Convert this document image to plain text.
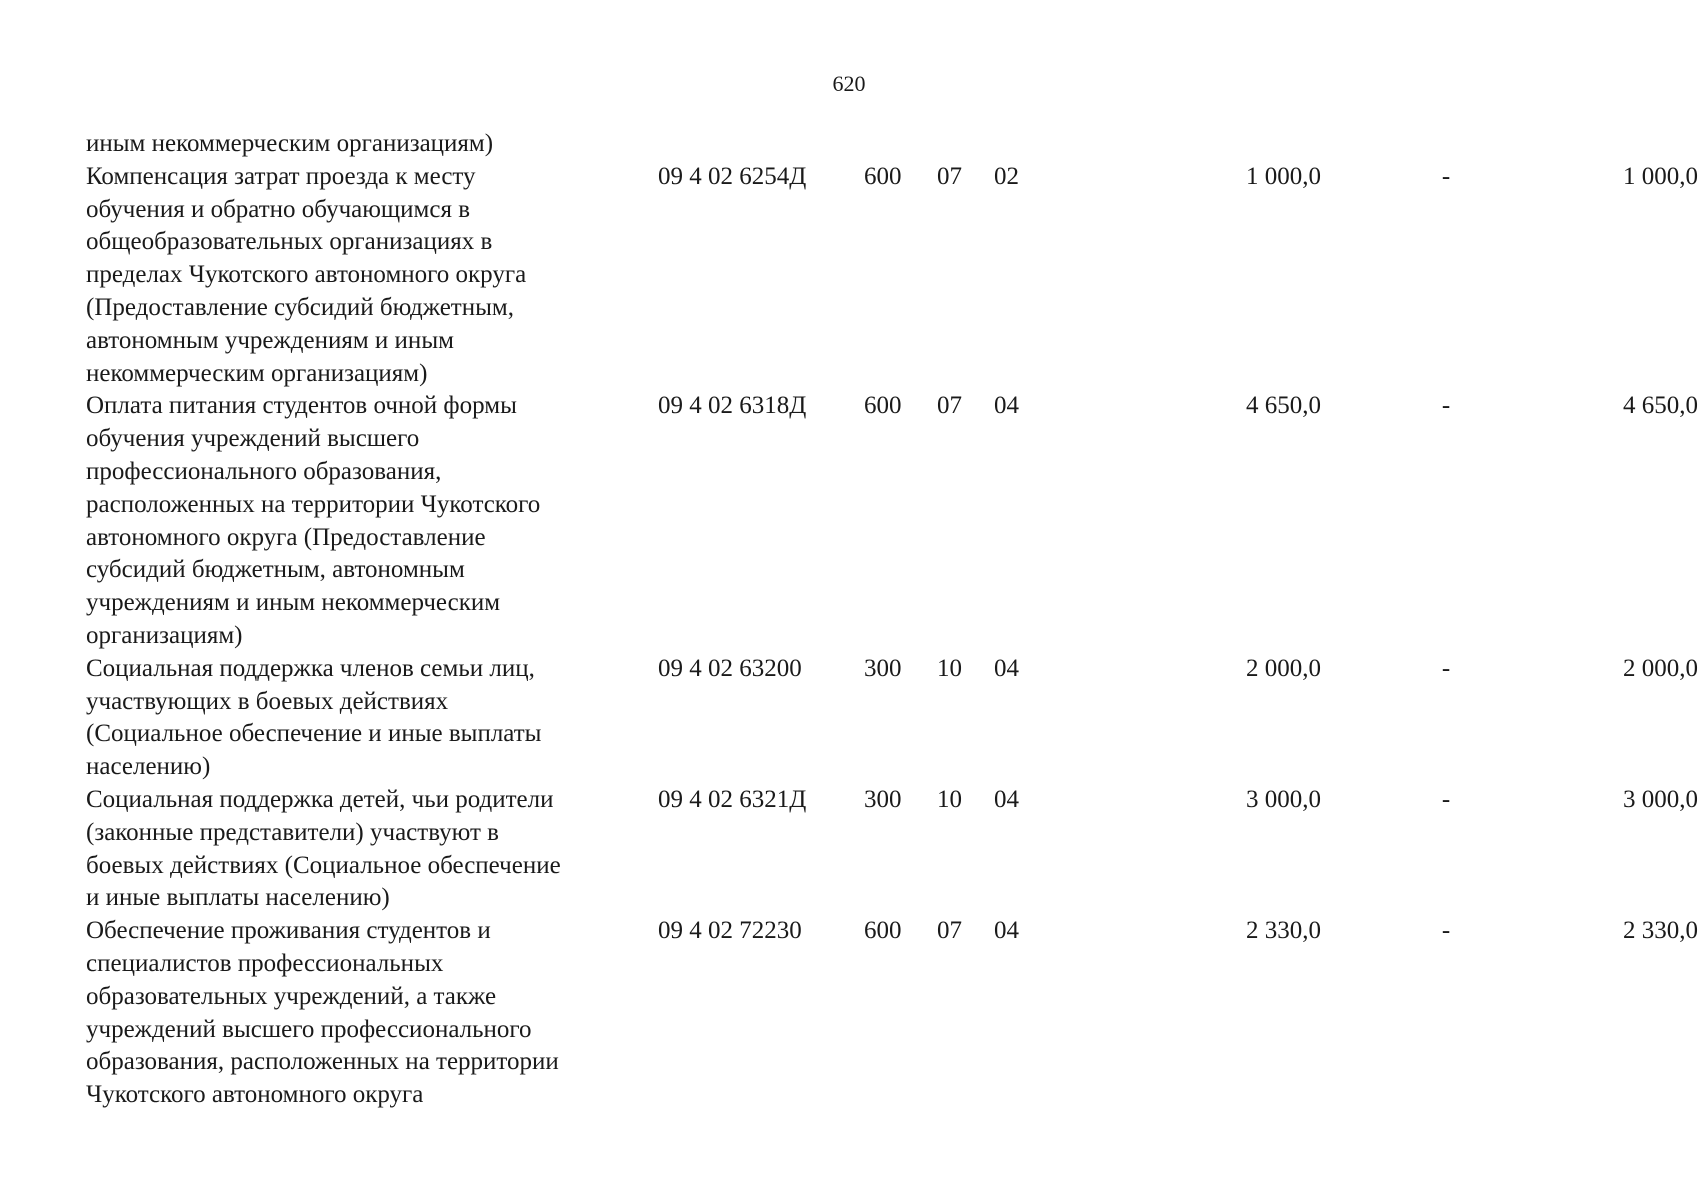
620
иным некоммерческим организациям)
Компенсация затрат проезда к месту
обучения и обратно обучающимся в
общеобразовательных организациях в
пределах Чукотского автономного округа
(Предоставление субсидий бюджетным,
автономным учреждениям и иным
некоммерческим организациям)
09 4 02 6254Д 600 07 02	1 000,0	-	1 000,0
Оплата питания студентов очной формы
обучения учреждений высшего
профессионального образования,
расположенных на территории Чукотского
автономного округа (Предоставление
субсидий бюджетным, автономным
учреждениям и иным некоммерческим
организациям)
09 4 02 6318Д 600 07 04	4 650,0	-	4 650,0
Социальная поддержка членов семьи лиц,
участвующих в боевых действиях
(Социальное обеспечение и иные выплаты
населению)
09 4 02 63200 300 10 04	2 000,0	-	2 000,0
Социальная поддержка детей, чьи родители
(законные представители) участвуют в
боевых действиях (Социальное обеспечение
и иные выплаты населению)
09 4 02 6321Д 300 10 04	3 000,0	-	3 000,0
Обеспечение проживания студентов и
специалистов профессиональных
образовательных учреждений, а также
учреждений высшего профессионального
образования, расположенных на территории
Чукотского автономного округа
09 4 02 72230 600 07 04	2 330,0	-	2 330,0
